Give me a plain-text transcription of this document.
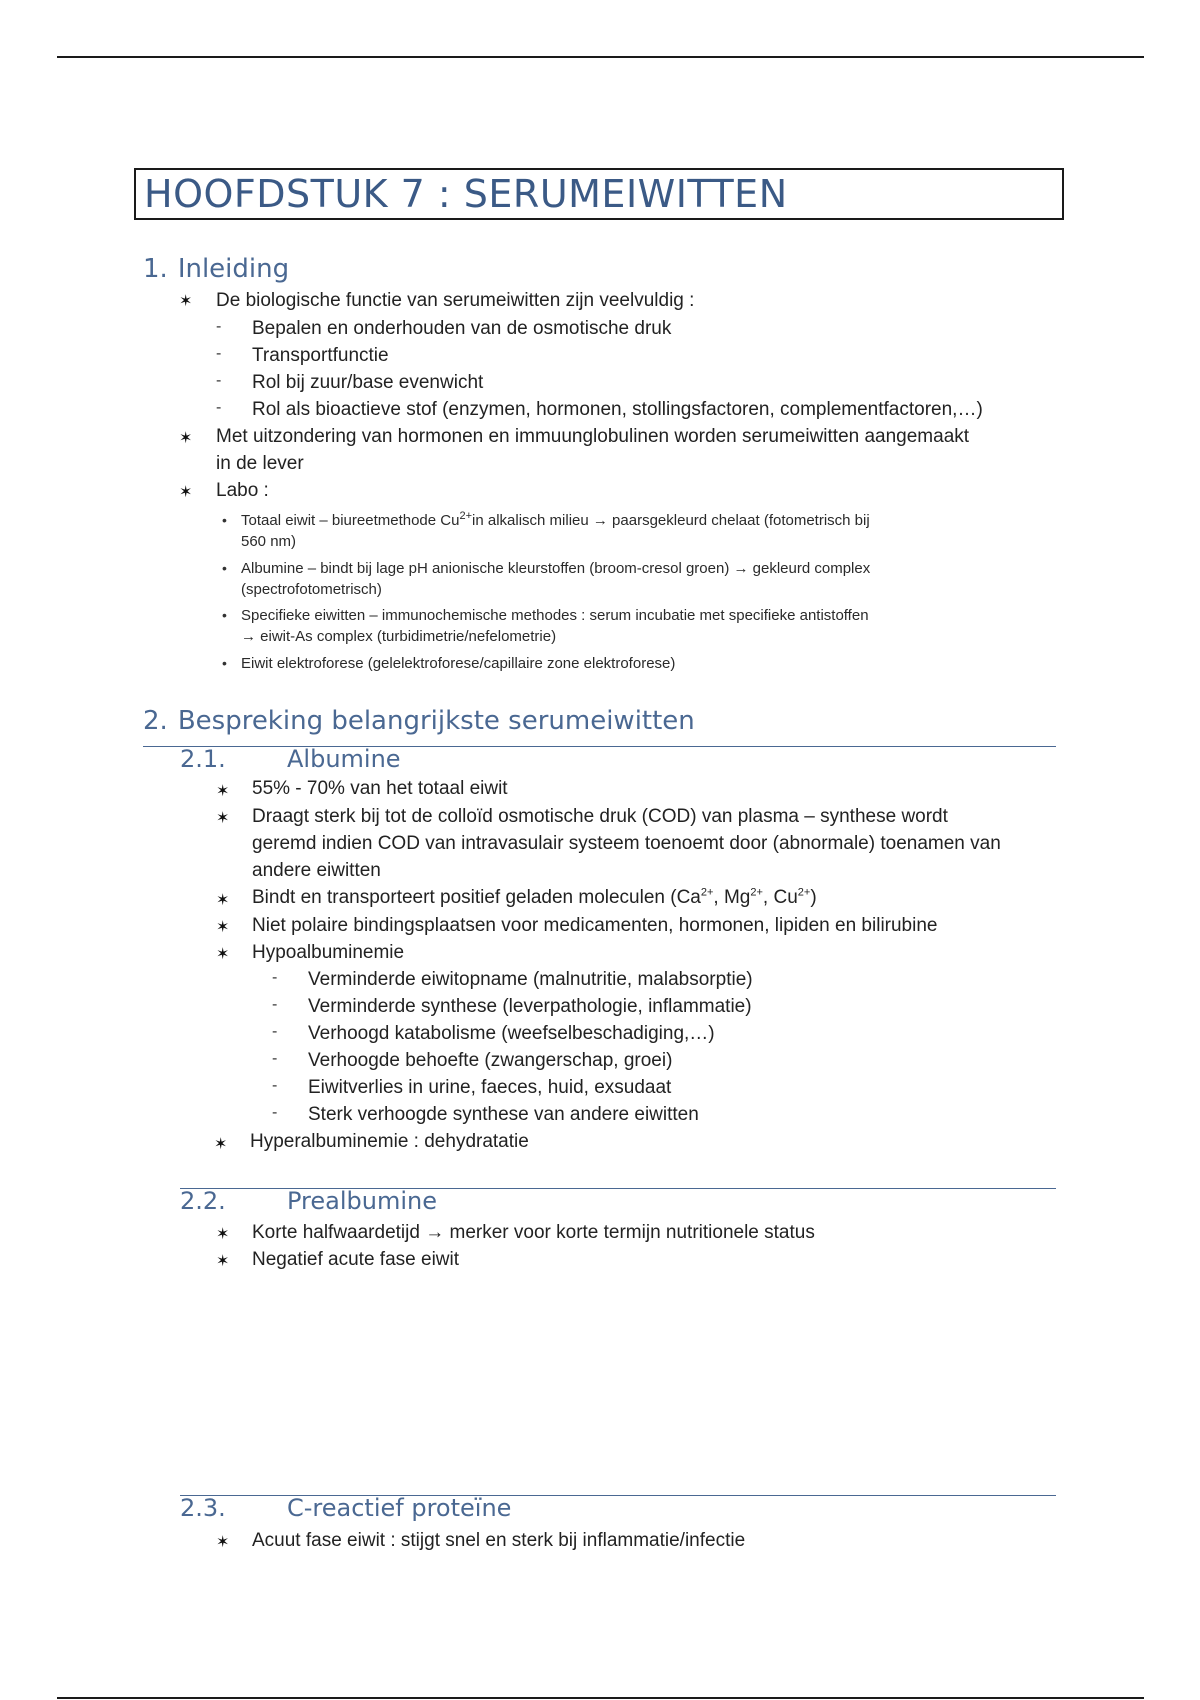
HOOFDSTUK 7 : SERUMEIWITTEN
1. Inleiding
✶ De biologische functie van serumeiwitten zijn veelvuldig :
- Bepalen en onderhouden van de osmotische druk
- Transportfunctie
- Rol bij zuur/base evenwicht
- Rol als bioactieve stof (enzymen, hormonen, stollingsfactoren, complementfactoren,…)
✶ Met uitzondering van hormonen en immuunglobulinen worden serumeiwitten aangemaakt
in de lever
✶ Labo :
• Totaal eiwit – biureetmethode $Cu^{2+}in$ alkalisch milieu → paarsgekleurd chelaat (fotometrisch bij
560 nm)
• Albumine – bindt bij lage pH anionische kleurstoffen (broom-cresol groen) → gekleurd complex
(spectrofotometrisch)
• Specifieke eiwitten – immunochemische methodes : serum incubatie met specifieke antistoffen
→ eiwit-As complex (turbidimetrie/nefelometrie)
• Eiwit elektroforese (gelelektroforese/capillaire zone elektroforese)
2. Bespreking belangrijkste serumeiwitten
2.1.	Albumine
✶ 55% - 70% van het totaal eiwit
✶ Draagt sterk bij tot de colloïd osmotische druk (COD) van plasma – synthese wordt
geremd indien COD van intravasulair systeem toenoemt door (abnormale) toenamen van
andere eiwitten
✶ Bindt en transporteert positief geladen moleculen ($Ca^{2+}$, $Mg^{2+}$, $Cu^{2+}$)
✶ Niet polaire bindingsplaatsen voor medicamenten, hormonen, lipiden en bilirubine
✶ Hypoalbuminemie
- Verminderde eiwitopname (malnutritie, malabsorptie)
- Verminderde synthese (leverpathologie, inflammatie)
- Verhoogd katabolisme (weefselbeschadiging,…)
- Verhoogde behoefte (zwangerschap, groei)
- Eiwitverlies in urine, faeces, huid, exsudaat
- Sterk verhoogde synthese van andere eiwitten
✶ Hyperalbuminemie : dehydratatie
2.2.	Prealbumine
✶ Korte halfwaardetijd → merker voor korte termijn nutritionele status
✶ Negatief acute fase eiwit
2.3.	C-reactief proteïne
✶ Acuut fase eiwit : stijgt snel en sterk bij inflammatie/infectie
